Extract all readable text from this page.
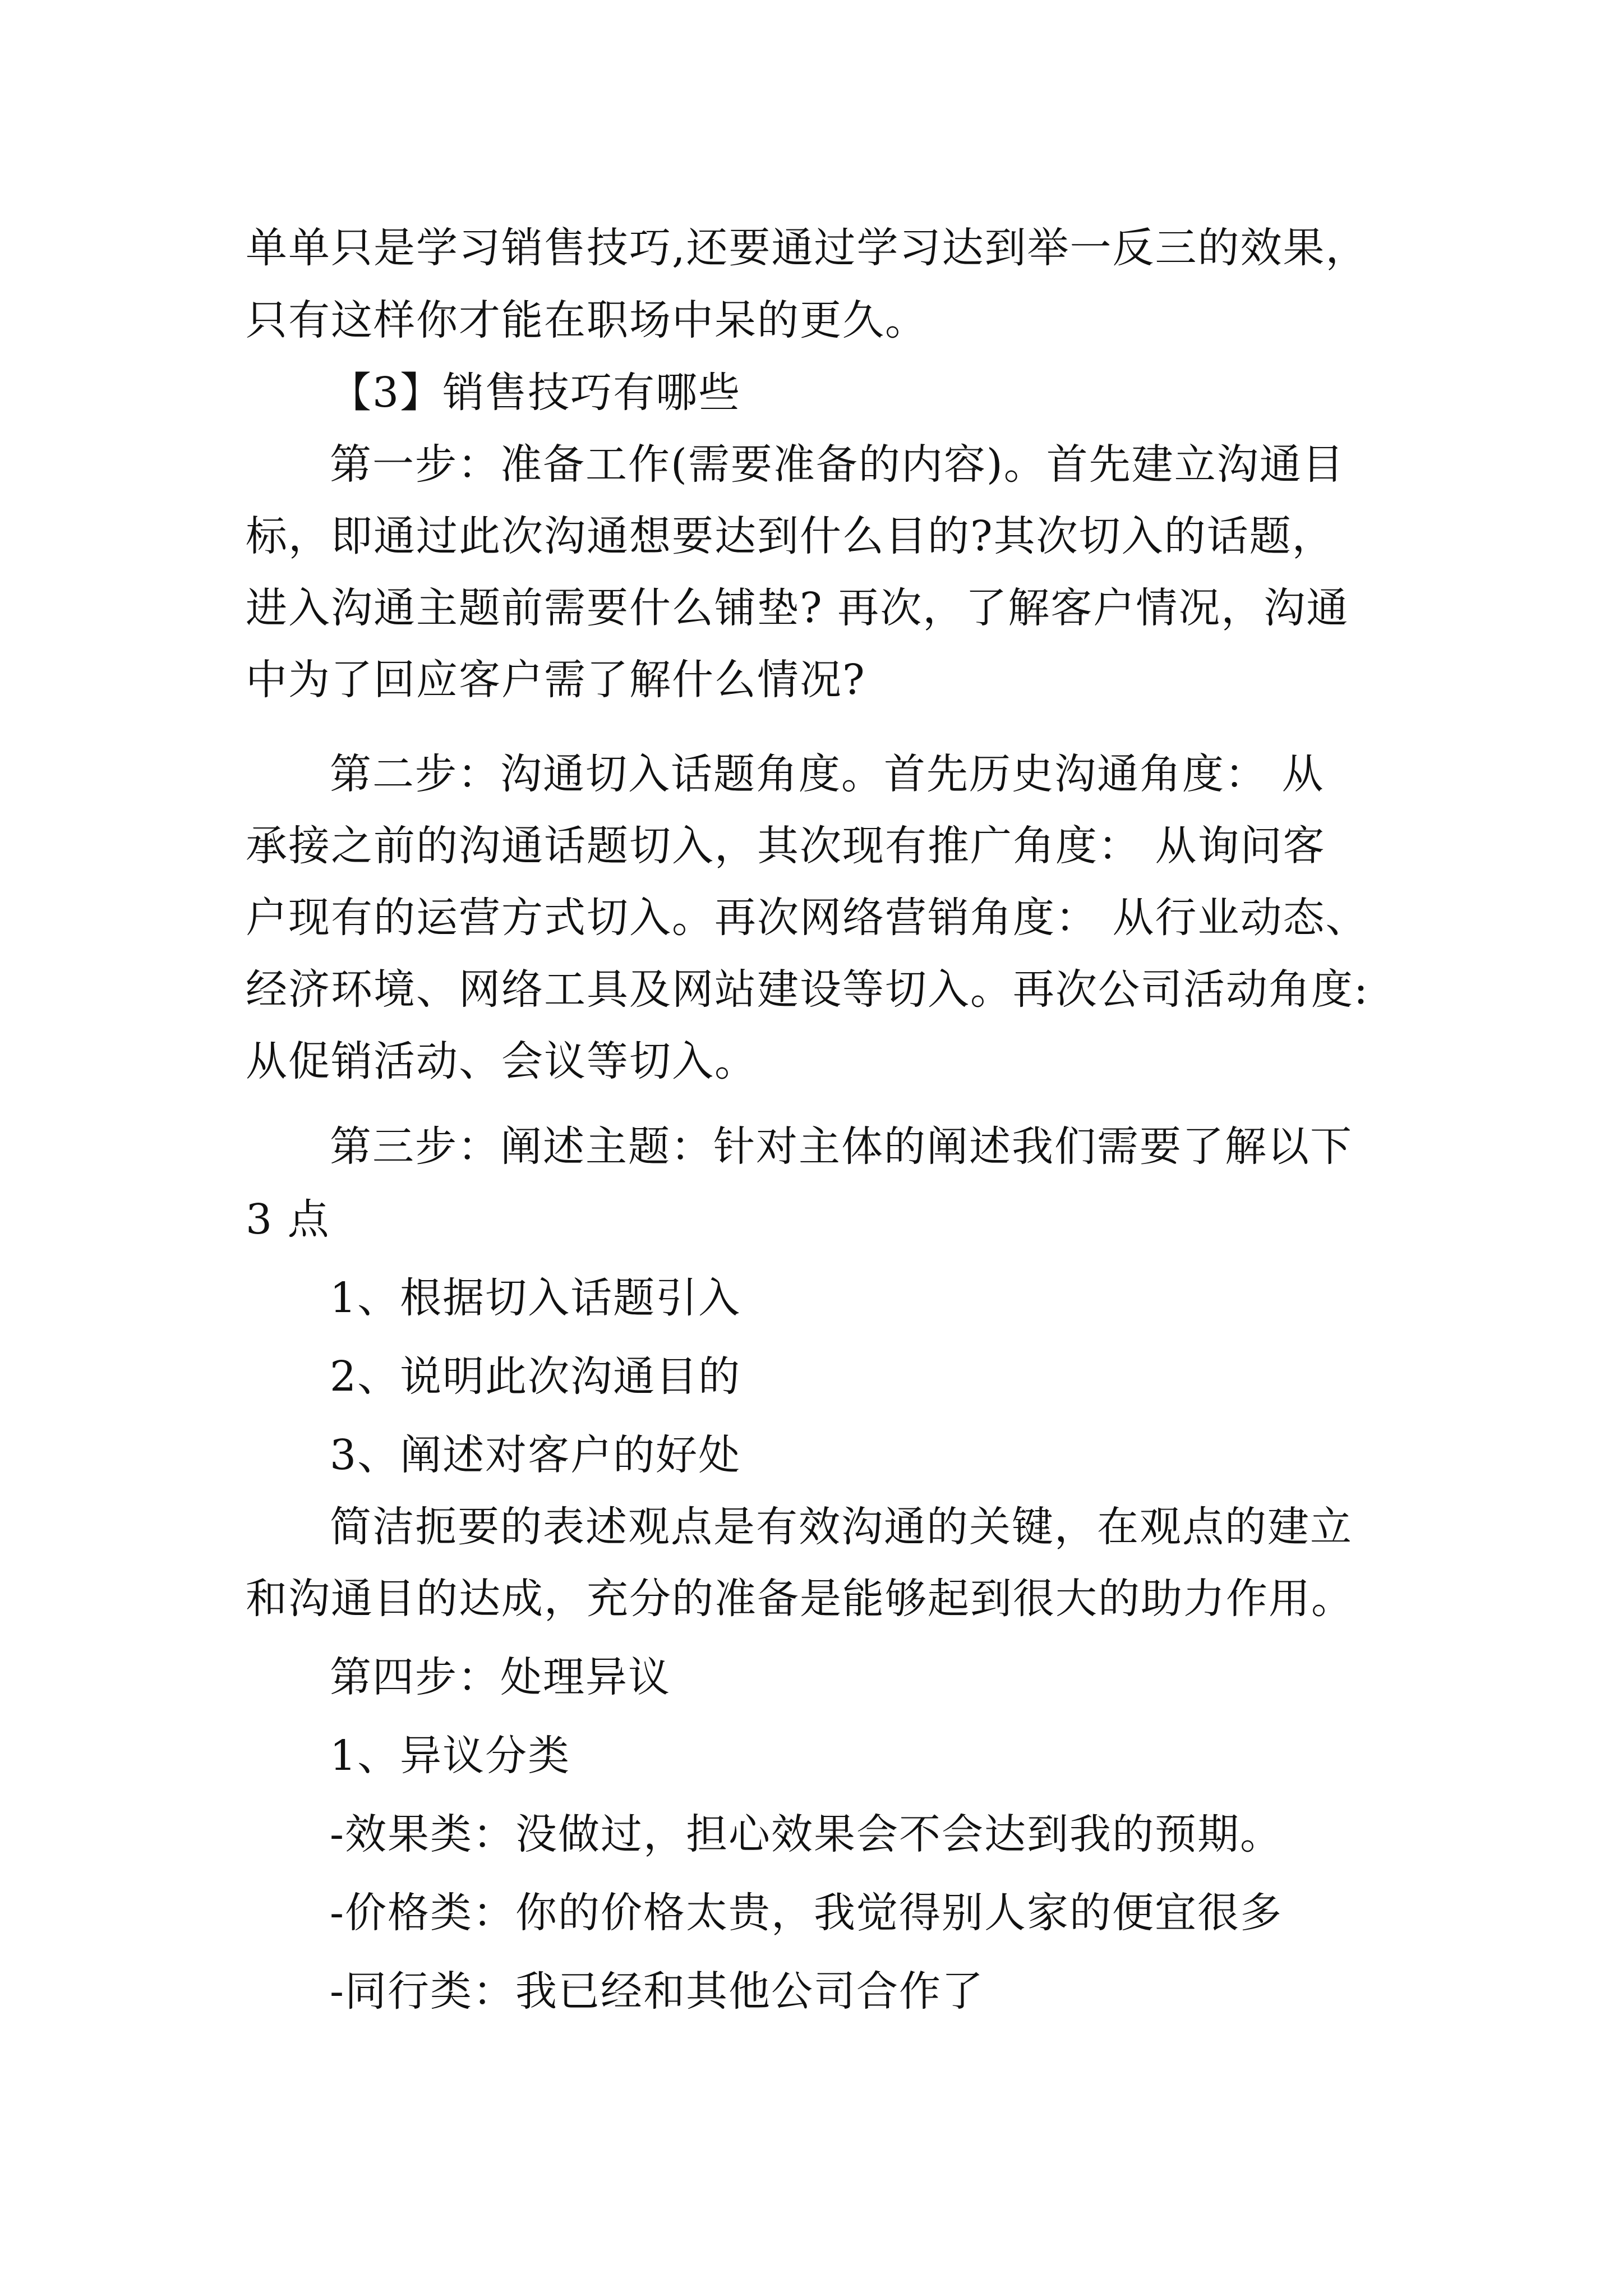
单单只是学习销售技巧,还要通过学习达到举一反三的效果，
只有这样你才能在职场中呆的更久。
【3】销售技巧有哪些
第一步：准备工作(需要准备的内容)。首先建立沟通目
标，即通过此次沟通想要达到什么目的?其次切入的话题，
进入沟通主题前需要什么铺垫? 再次，了解客户情况，沟通
中为了回应客户需了解什么情况?
第二步：沟通切入话题角度。首先历史沟通角度： 从
承接之前的沟通话题切入，其次现有推广角度： 从询问客
户现有的运营方式切入。再次网络营销角度： 从行业动态、
经济环境、网络工具及网站建设等切入。再次公司活动角度:
从促销活动、会议等切入。
第三步：阐述主题：针对主体的阐述我们需要了解以下
3 点
1、根据切入话题引入
2、说明此次沟通目的
3、阐述对客户的好处
简洁扼要的表述观点是有效沟通的关键，在观点的建立
和沟通目的达成，充分的准备是能够起到很大的助力作用。
第四步：处理异议
1、异议分类
-效果类：没做过，担心效果会不会达到我的预期。
-价格类：你的价格太贵，我觉得别人家的便宜很多
-同行类：我已经和其他公司合作了
